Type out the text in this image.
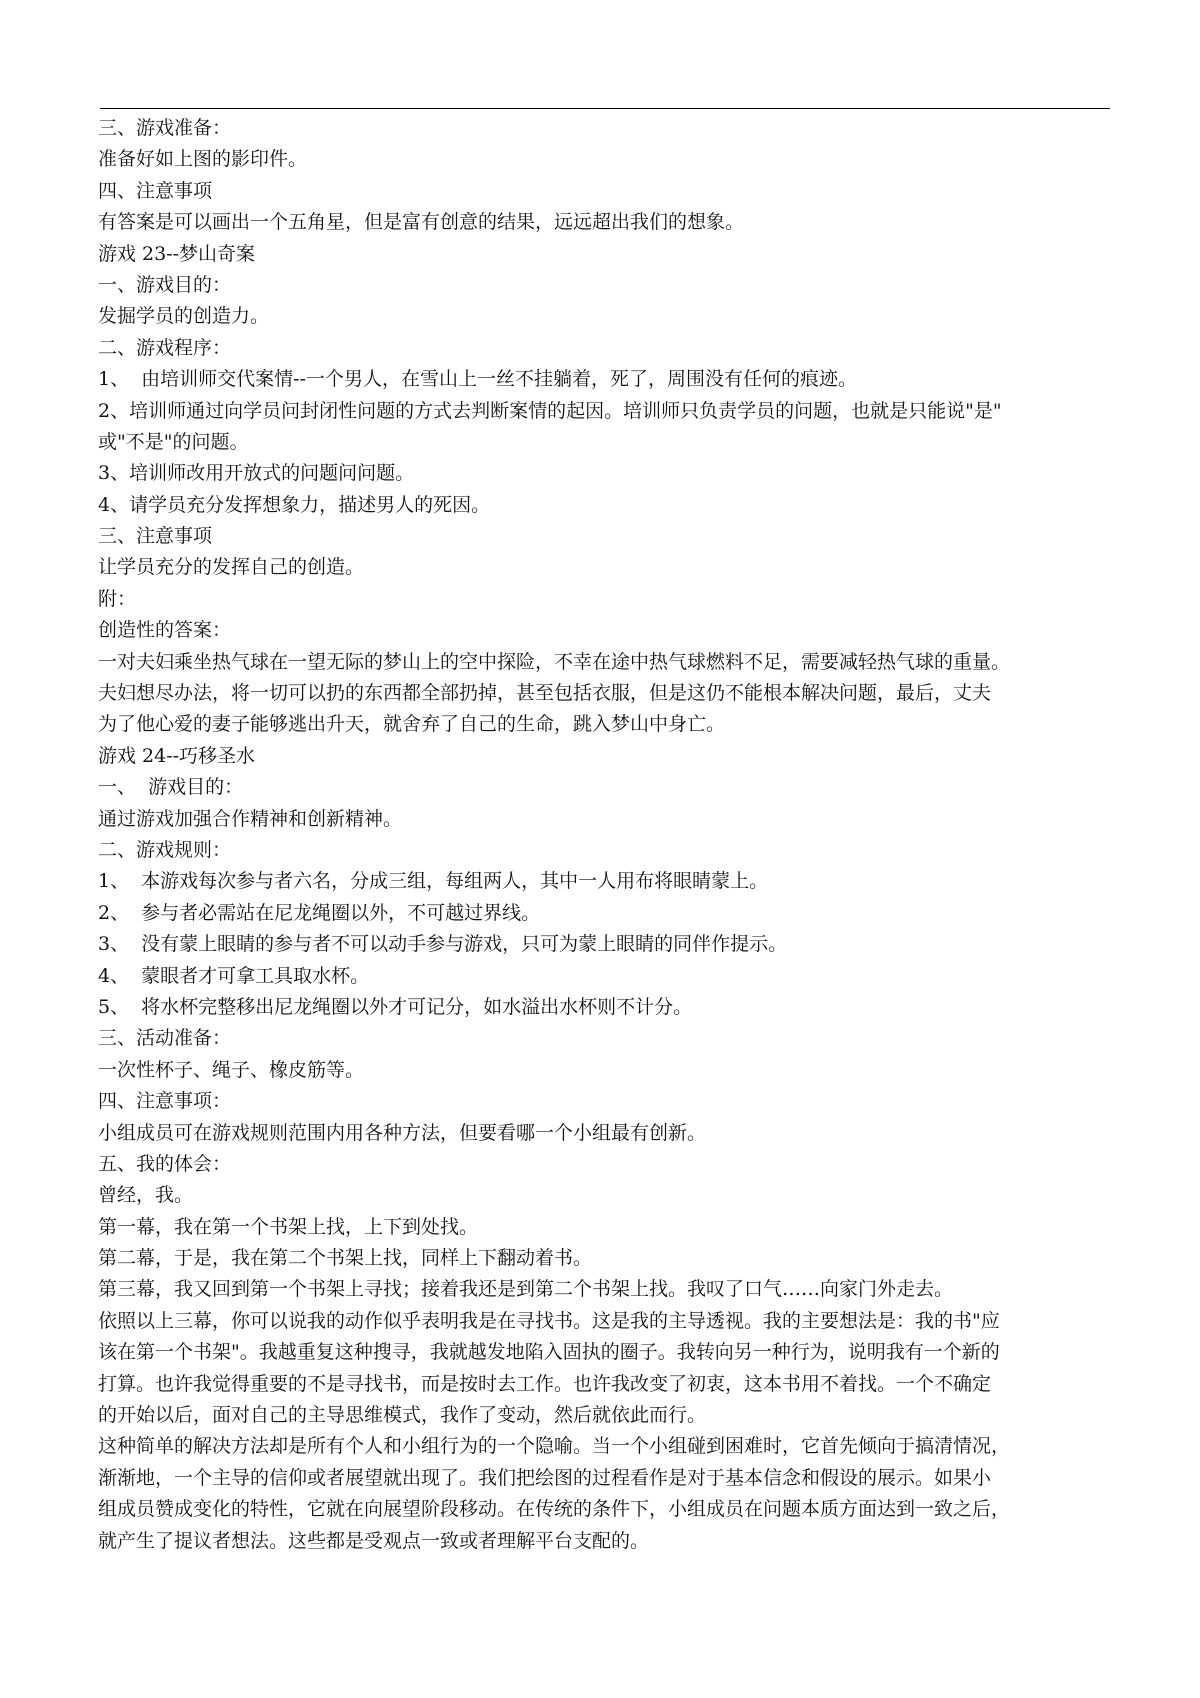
三、游戏准备：
准备好如上图的影印件。
四、注意事项
有答案是可以画出一个五角星，但是富有创意的结果，远远超出我们的想象。
游戏 23--梦山奇案
一、游戏目的：
发掘学员的创造力。
二、游戏程序：
1、  由培训师交代案情--一个男人，在雪山上一丝不挂躺着，死了，周围没有任何的痕迹。
2、培训师通过向学员问封闭性问题的方式去判断案情的起因。培训师只负责学员的问题，也就是只能说"是"
或"不是"的问题。
3、培训师改用开放式的问题问问题。
4、请学员充分发挥想象力，描述男人的死因。
三、注意事项
让学员充分的发挥自己的创造。
附：
创造性的答案：
一对夫妇乘坐热气球在一望无际的梦山上的空中探险，不幸在途中热气球燃料不足，需要减轻热气球的重量。
夫妇想尽办法，将一切可以扔的东西都全部扔掉，甚至包括衣服，但是这仍不能根本解决问题，最后，丈夫
为了他心爱的妻子能够逃出升天，就舍弃了自己的生命，跳入梦山中身亡。
游戏 24--巧移圣水
一、  游戏目的：
通过游戏加强合作精神和创新精神。
二、游戏规则：
1、  本游戏每次参与者六名，分成三组，每组两人，其中一人用布将眼睛蒙上。
2、  参与者必需站在尼龙绳圈以外，不可越过界线。
3、  没有蒙上眼睛的参与者不可以动手参与游戏，只可为蒙上眼睛的同伴作提示。
4、  蒙眼者才可拿工具取水杯。
5、  将水杯完整移出尼龙绳圈以外才可记分，如水溢出水杯则不计分。
三、活动准备：
一次性杯子、绳子、橡皮筋等。
四、注意事项：
小组成员可在游戏规则范围内用各种方法，但要看哪一个小组最有创新。
五、我的体会：
曾经，我。
第一幕，我在第一个书架上找，上下到处找。
第二幕，于是，我在第二个书架上找，同样上下翻动着书。
第三幕，我又回到第一个书架上寻找；接着我还是到第二个书架上找。我叹了口气……向家门外走去。
依照以上三幕，你可以说我的动作似乎表明我是在寻找书。这是我的主导透视。我的主要想法是：我的书"应
该在第一个书架"。我越重复这种搜寻，我就越发地陷入固执的圈子。我转向另一种行为，说明我有一个新的
打算。也许我觉得重要的不是寻找书，而是按时去工作。也许我改变了初衷，这本书用不着找。一个不确定
的开始以后，面对自己的主导思维模式，我作了变动，然后就依此而行。
这种简单的解决方法却是所有个人和小组行为的一个隐喻。当一个小组碰到困难时，它首先倾向于搞清情况，
渐渐地，一个主导的信仰或者展望就出现了。我们把绘图的过程看作是对于基本信念和假设的展示。如果小
组成员赞成变化的特性，它就在向展望阶段移动。在传统的条件下，小组成员在问题本质方面达到一致之后，
就产生了提议者想法。这些都是受观点一致或者理解平台支配的。
